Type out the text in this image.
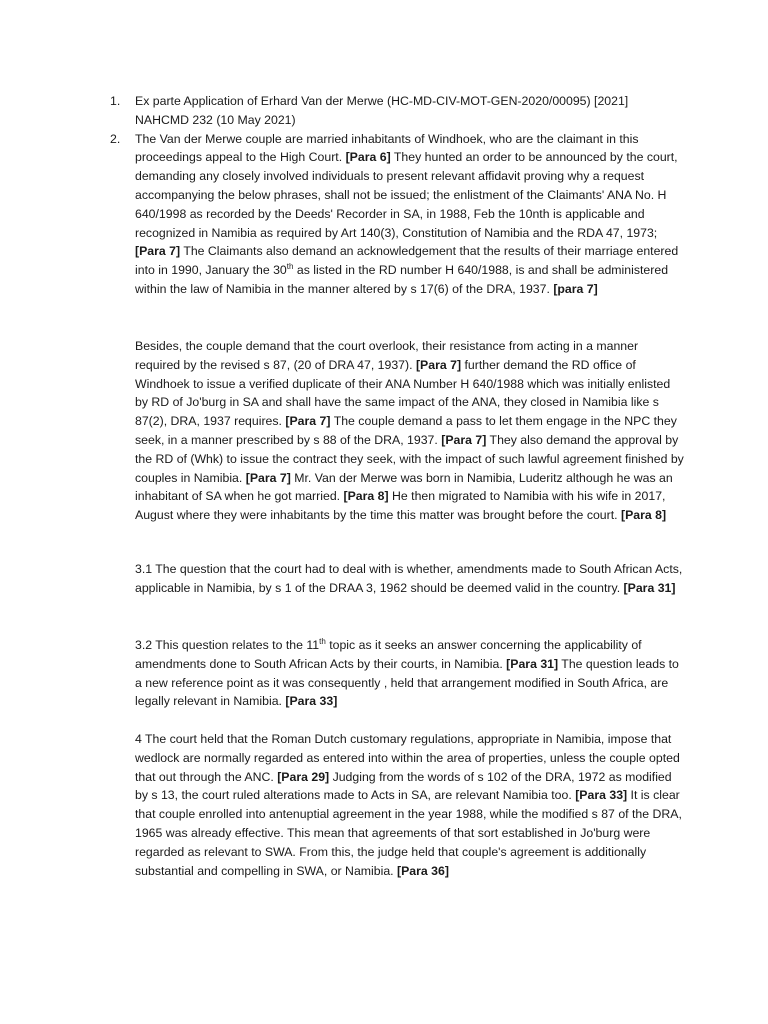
1. Ex parte Application of Erhard Van der Merwe (HC-MD-CIV-MOT-GEN-2020/00095) [2021] NAHCMD 232 (10 May 2021)
2. The Van der Merwe couple are married inhabitants of Windhoek, who are the claimant in this proceedings appeal to the High Court. [Para 6] They hunted an order to be announced by the court, demanding any closely involved individuals to present relevant affidavit proving why a request accompanying the below phrases, shall not be issued; the enlistment of the Claimants' ANA No. H 640/1998 as recorded by the Deeds' Recorder in SA, in 1988, Feb the 10nth is applicable and recognized in Namibia as required by Art 140(3), Constitution of Namibia and the RDA 47, 1973; [Para 7] The Claimants also demand an acknowledgement that the results of their marriage entered into in 1990, January the 30th as listed in the RD number H 640/1988, is and shall be administered within the law of Namibia in the manner altered by s 17(6) of the DRA, 1937. [para 7]

Besides, the couple demand that the court overlook, their resistance from acting in a manner required by the revised s 87, (20 of DRA 47, 1937). [Para 7] further demand the RD office of Windhoek to issue a verified duplicate of their ANA Number H 640/1988 which was initially enlisted by RD of Jo'burg in SA and shall have the same impact of the ANA, they closed in Namibia like s 87(2), DRA, 1937 requires. [Para 7] The couple demand a pass to let them engage in the NPC they seek, in a manner prescribed by s 88 of the DRA, 1937. [Para 7] They also demand the approval by the RD of (Whk) to issue the contract they seek, with the impact of such lawful agreement finished by couples in Namibia. [Para 7] Mr. Van der Merwe was born in Namibia, Luderitz although he was an inhabitant of SA when he got married. [Para 8] He then migrated to Namibia with his wife in 2017, August where they were inhabitants by the time this matter was brought before the court. [Para 8]

3.1 The question that the court had to deal with is whether, amendments made to South African Acts, applicable in Namibia, by s 1 of the DRAA 3, 1962 should be deemed valid in the country. [Para 31]

3.2 This question relates to the 11th topic as it seeks an answer concerning the applicability of amendments done to South African Acts by their courts, in Namibia. [Para 31] The question leads to a new reference point as it was consequently , held that arrangement modified in South Africa, are legally relevant in Namibia. [Para 33]

4 The court held that the Roman Dutch customary regulations, appropriate in Namibia, impose that wedlock are normally regarded as entered into within the area of properties, unless the couple opted that out through the ANC. [Para 29] Judging from the words of s 102 of the DRA, 1972 as modified by s 13, the court ruled alterations made to Acts in SA, are relevant Namibia too. [Para 33] It is clear that couple enrolled into antenuptial agreement in the year 1988, while the modified s 87 of the DRA, 1965 was already effective. This mean that agreements of that sort established in Jo'burg were regarded as relevant to SWA. From this, the judge held that couple's agreement is additionally substantial and compelling in SWA, or Namibia. [Para 36]
